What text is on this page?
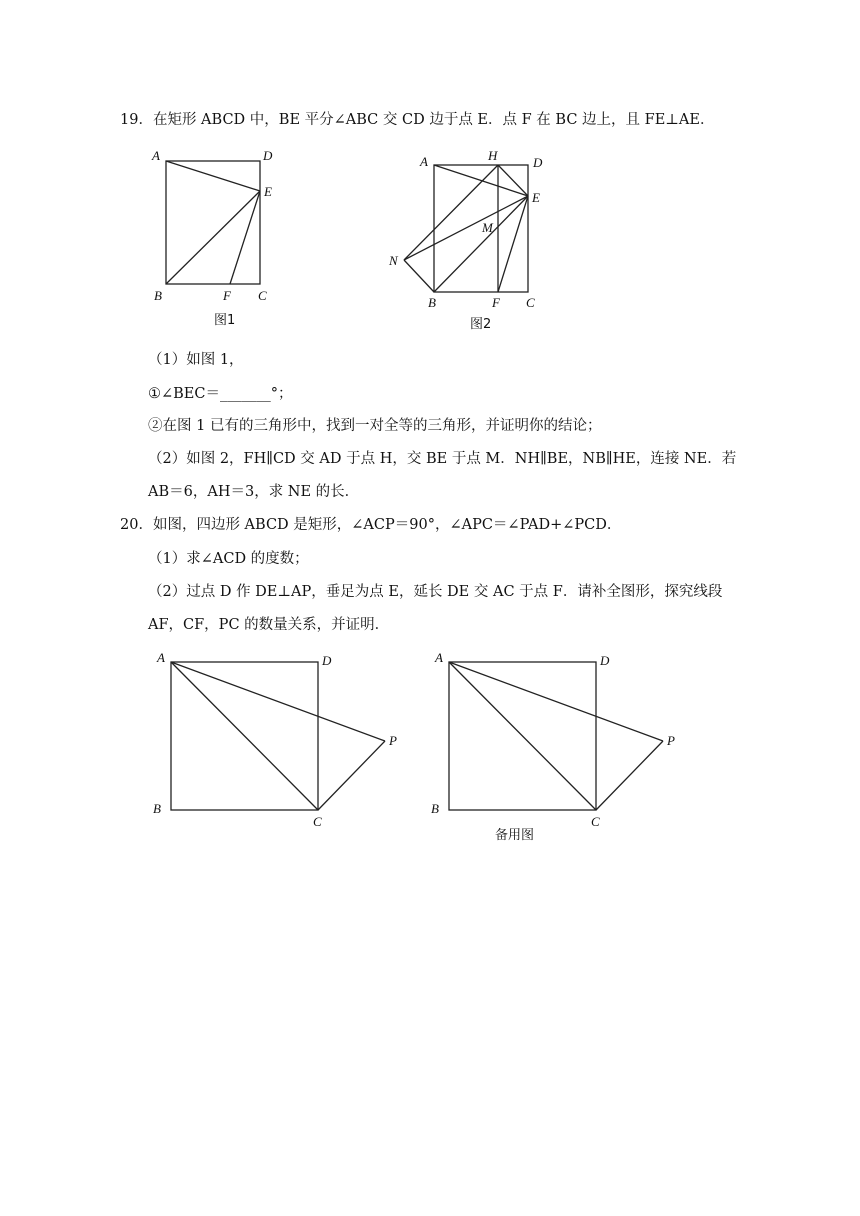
19．在矩形 ABCD 中，BE 平分∠ABC 交 CD 边于点 E．点 F 在 BC 边上，且 FE⊥AE．
A	D
E
B	F C
图1
A	H	D
E
M
N
B	F C
图2
（1）如图 1，
①∠BEC＝_______°；
②在图 1 已有的三角形中，找到一对全等的三角形，并证明你的结论；
（2）如图 2，FH∥CD 交 AD 于点 H，交 BE 于点 M．NH∥BE，NB∥HE，连接 NE．若
AB＝6，AH＝3，求 NE 的长．
20．如图，四边形 ABCD 是矩形，∠ACP＝90°，∠APC＝∠PAD+∠PCD．
（1）求∠ACD 的度数；
（2）过点 D 作 DE⊥AP，垂足为点 E，延长 DE 交 AC 于点 F．请补全图形，探究线段
AF，CF，PC 的数量关系，并证明．
A	D
P
B
C
A	D
P
B
C
备用图
